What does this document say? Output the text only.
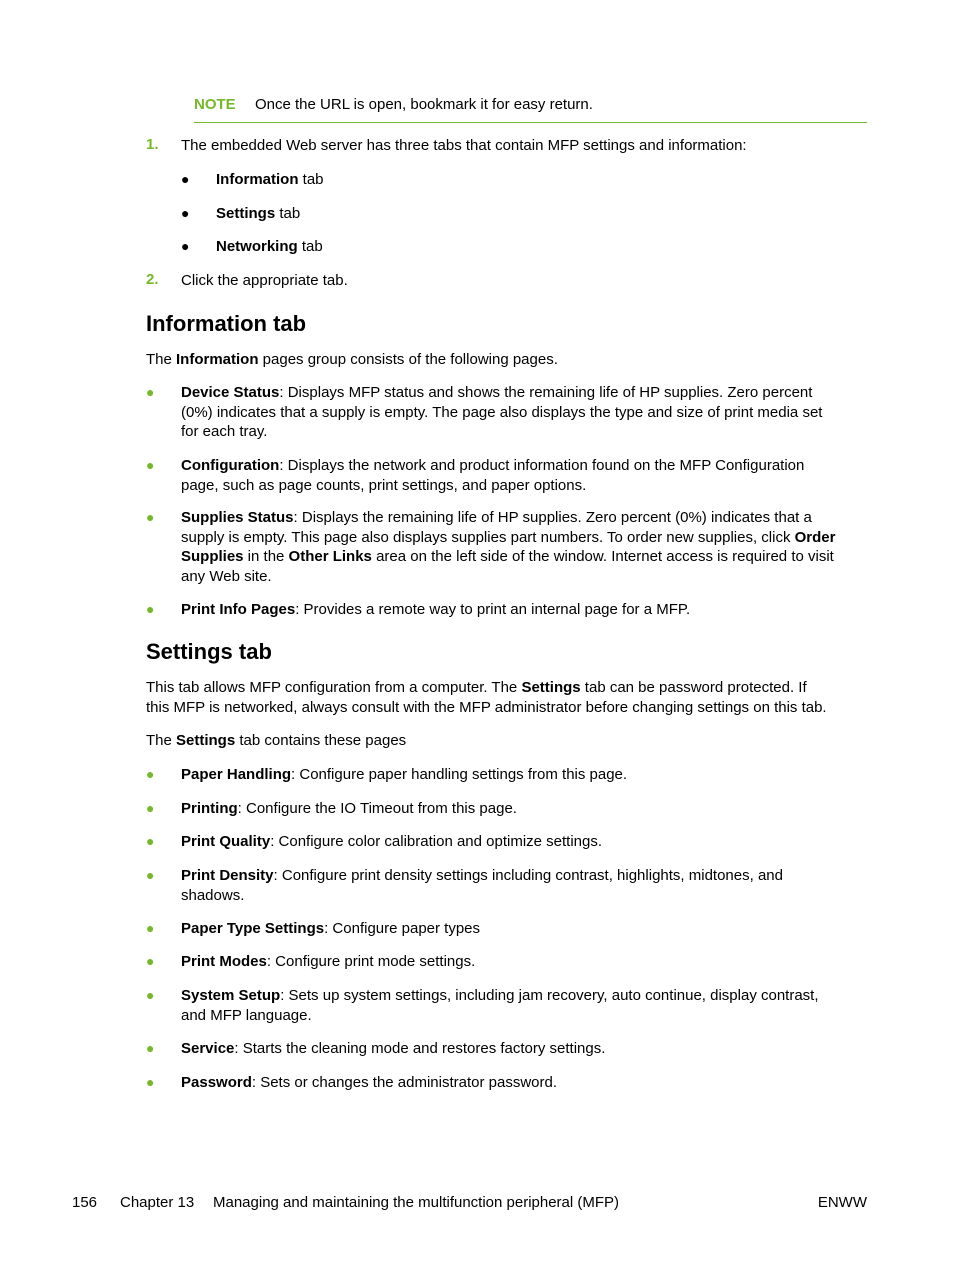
NOTE Once the URL is open, bookmark it for easy return.
1. The embedded Web server has three tabs that contain MFP settings and information:
● Information tab
● Settings tab
● Networking tab
2. Click the appropriate tab.
Information tab
The Information pages group consists of the following pages.
● Device Status: Displays MFP status and shows the remaining life of HP supplies. Zero percent
(0%) indicates that a supply is empty. The page also displays the type and size of print media set
for each tray.
● Configuration: Displays the network and product information found on the MFP Configuration
page, such as page counts, print settings, and paper options.
● Supplies Status: Displays the remaining life of HP supplies. Zero percent (0%) indicates that a
supply is empty. This page also displays supplies part numbers. To order new supplies, click Order
Supplies in the Other Links area on the left side of the window. Internet access is required to visit
any Web site.
● Print Info Pages: Provides a remote way to print an internal page for a MFP.
Settings tab
This tab allows MFP configuration from a computer. The Settings tab can be password protected. If
this MFP is networked, always consult with the MFP administrator before changing settings on this tab.
The Settings tab contains these pages
● Paper Handling: Configure paper handling settings from this page.
● Printing: Configure the IO Timeout from this page.
● Print Quality: Configure color calibration and optimize settings.
● Print Density: Configure print density settings including contrast, highlights, midtones, and
shadows.
● Paper Type Settings: Configure paper types
● Print Modes: Configure print mode settings.
● System Setup: Sets up system settings, including jam recovery, auto continue, display contrast,
and MFP language.
● Service: Starts the cleaning mode and restores factory settings.
● Password: Sets or changes the administrator password.
156 Chapter 13 Managing and maintaining the multifunction peripheral (MFP)	ENWW
